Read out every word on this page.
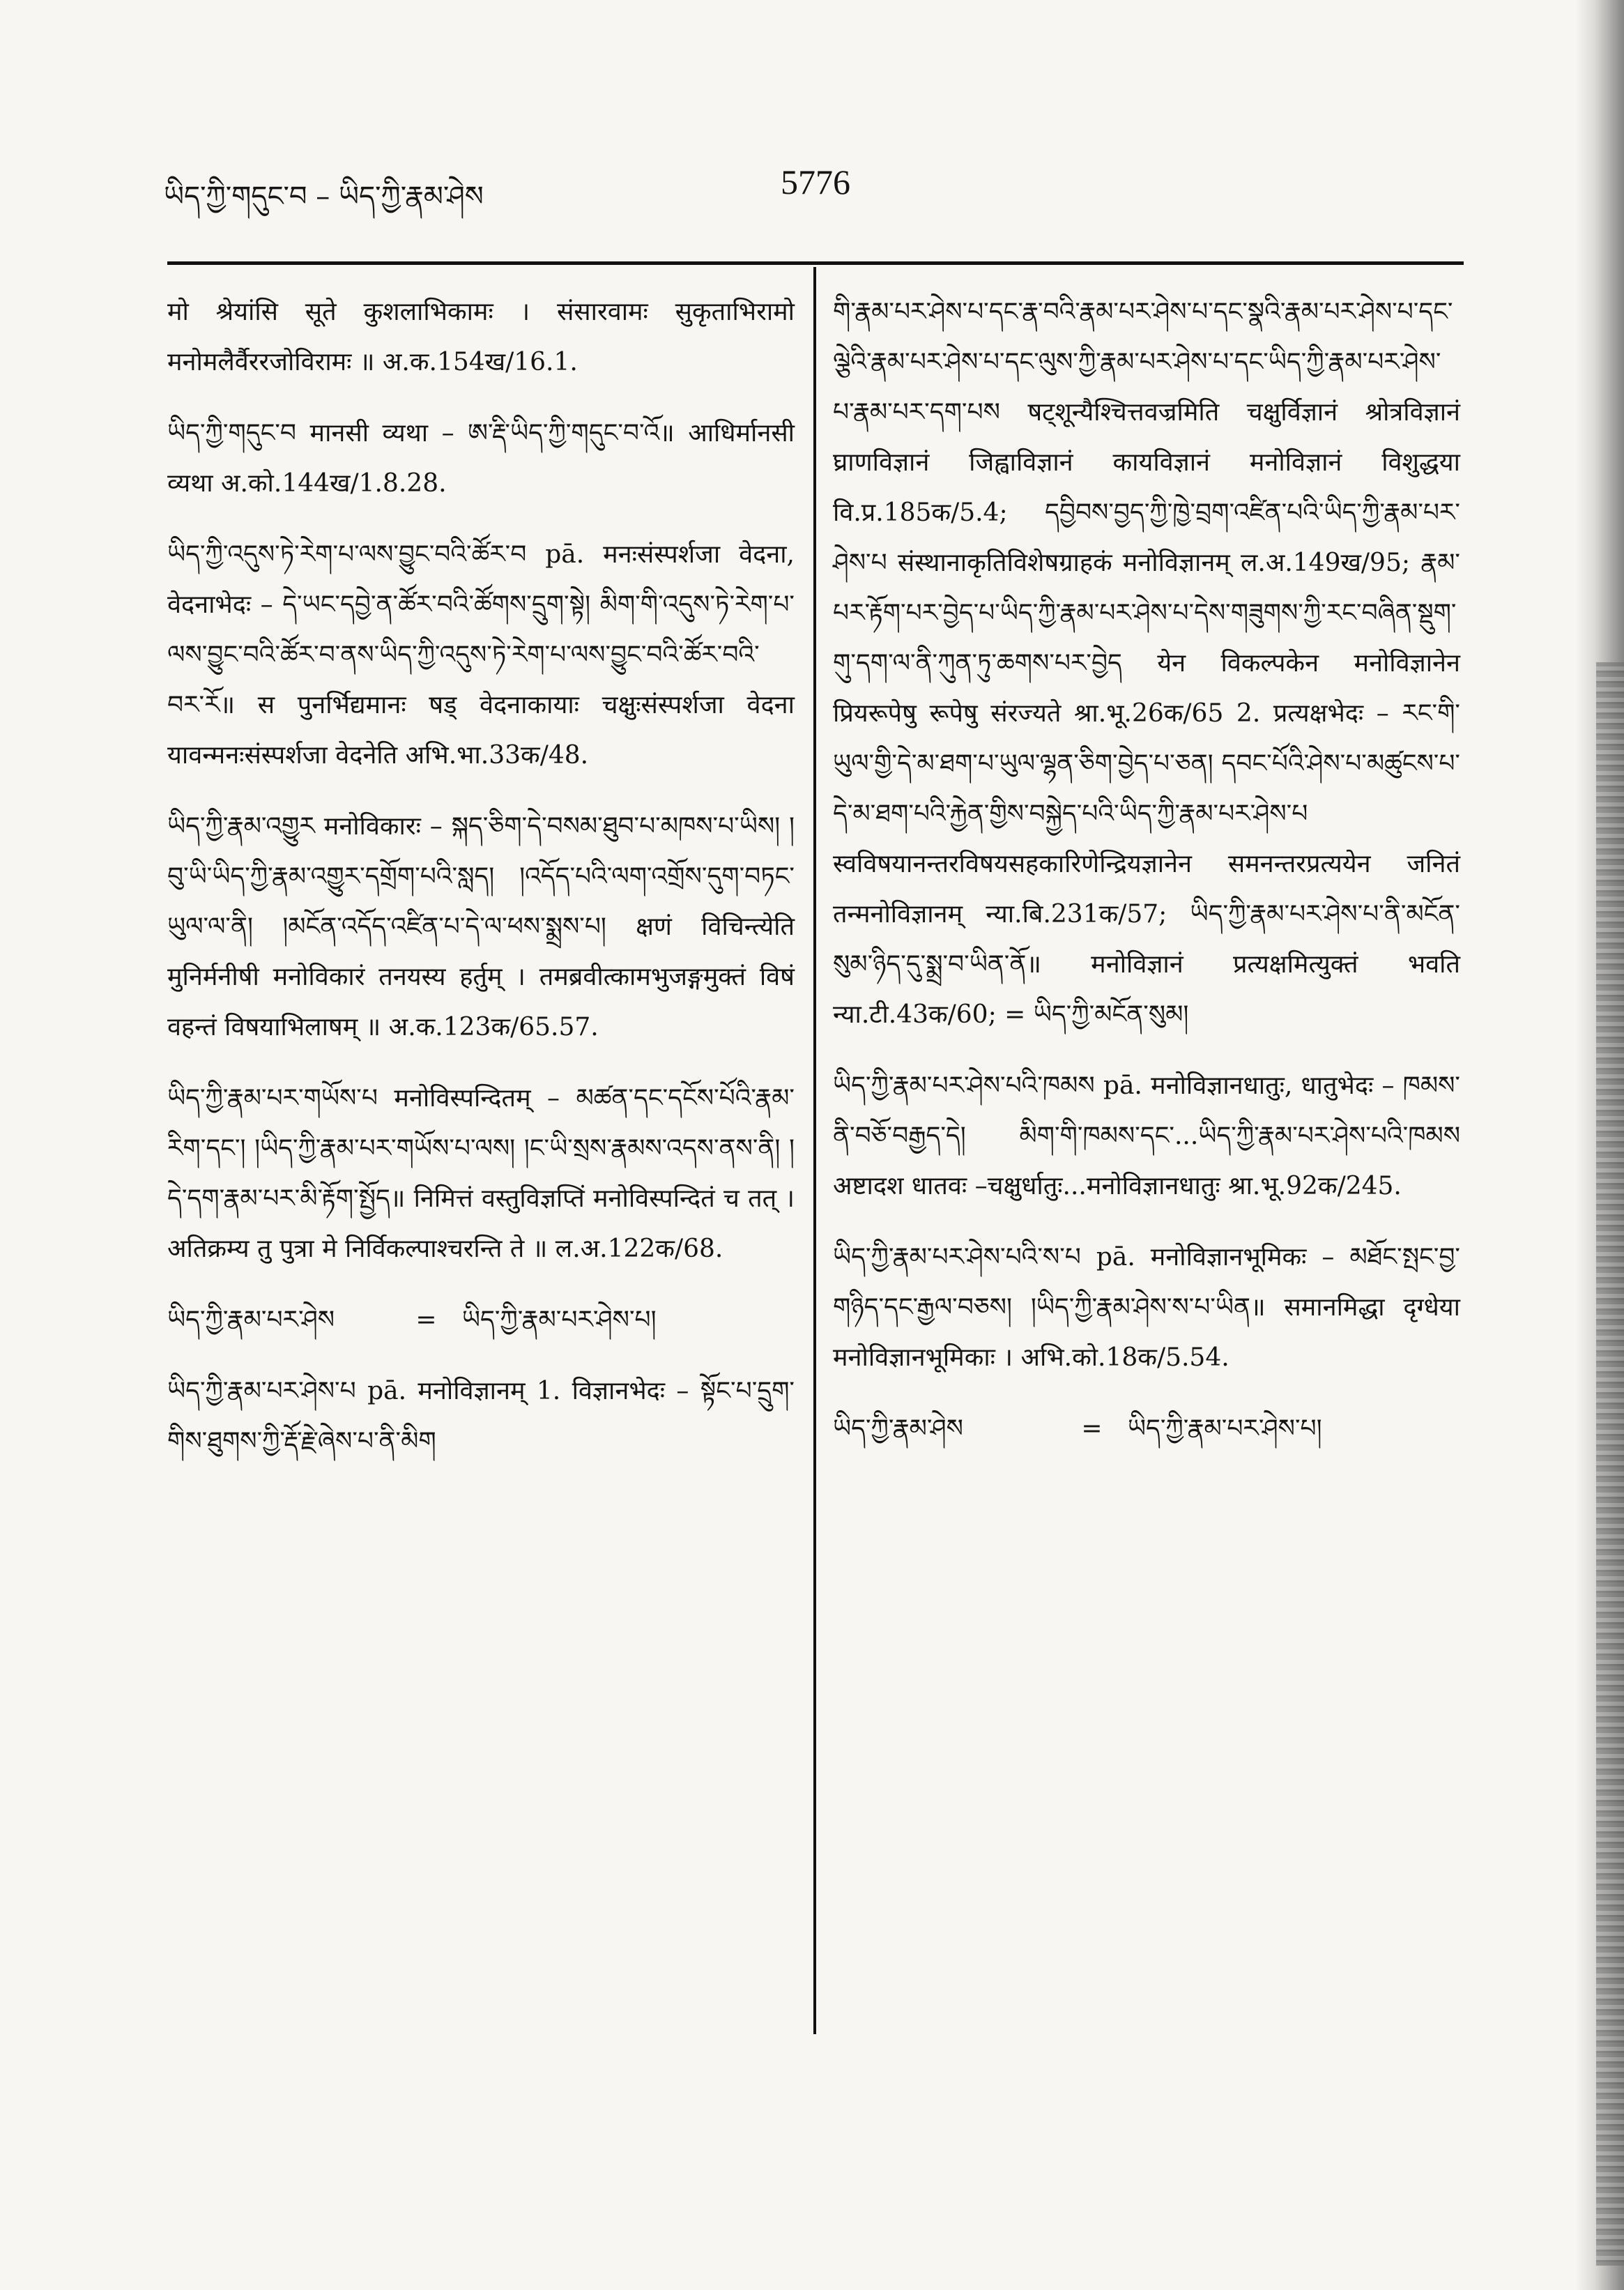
ཡིད་ཀྱི་གདུང་བ – ཡིད་ཀྱི་རྣམ་ཤེས	5776
मो श्रेयांसि सूते कुशलाभिकामः । संसारवामः सुकृताभिरामो मनोमलैर्वैररजोविरामः ॥ अ.क.154ख/16.1.
ཡིད་ཀྱི་གདུང་བ मानसी व्यथा – ཨ་རྡི་ཡིད་ཀྱི་གདུང་བ་འོ॥ आधिर्मानसी व्यथा अ.को.144ख/1.8.28.
ཡིད་ཀྱི་འདུས་ཏེ་རེག་པ་ལས་བྱུང་བའི་ཚོར་བ pā. मनःसंस्पर्शजा वेदना, वेदनाभेदः – དེ་ཡང་དབྱེ་ན་ཚོར་བའི་ཚོགས་དྲུག་སྟེ། མིག་གི་འདུས་ཏེ་རེག་པ་ལས་བྱུང་བའི་ཚོར་བ་ནས་ཡིད་ཀྱི་འདུས་ཏེ་རེག་པ་ལས་བྱུང་བའི་ཚོར་བའི་བར་རོ॥ स पुनर्भिद्यमानः षड् वेदनाकायाः चक्षुःसंस्पर्शजा वेदना यावन्मनःसंस्पर्शजा वेदनेति अभि.भा.33क/48.
ཡིད་ཀྱི་རྣམ་འགྱུར मनोविकारः – སྐད་ཅིག་དེ་བསམ་ཐུབ་པ་མཁས་པ་ཡིས། །བུ་ཡི་ཡིད་ཀྱི་རྣམ་འགྱུར་དགྲོག་པའི་སླད། །འདོད་པའི་ལག་འགྲོས་དུག་བཏང་ཡུལ་ལ་ནི། །མངོན་འདོད་འཛིན་པ་དེ་ལ་ཕས་སྨྲས་པ། क्षणं विचिन्त्येति मुनिर्मनीषी मनोविकारं तनयस्य हर्तुम् । तमब्रवीत्कामभुजङ्गमुक्तं विषं वहन्तं विषयाभिलाषम् ॥ अ.क.123क/65.57.
ཡིད་ཀྱི་རྣམ་པར་གཡོས་པ मनोविस्पन्दितम् – མཚན་དང་དངོས་པོའི་རྣམ་རིག་དང་། །ཡིད་ཀྱི་རྣམ་པར་གཡོས་པ་ལས། །ང་ཡི་སྲས་རྣམས་འདས་ནས་ནི། །དེ་དག་རྣམ་པར་མི་རྟོག་སྤྱོད॥ निमित्तं वस्तुविज्ञप्तिं मनोविस्पन्दितं च तत् । अतिक्रम्य तु पुत्रा मे निर्विकल्पाश्चरन्ति ते ॥ ल.अ.122क/68.
ཡིད་ཀྱི་རྣམ་པར་ཤེས	= ཡིད་ཀྱི་རྣམ་པར་ཤེས་པ།
ཡིད་ཀྱི་རྣམ་པར་ཤེས་པ pā. मनोविज्ञानम् 1. विज्ञानभेदः – སྟོང་པ་དྲུག་གིས་ཐུགས་ཀྱི་རྡོ་རྗེ་ཞེས་པ་ནི་མིག
གི་རྣམ་པར་ཤེས་པ་དང་རྣ་བའི་རྣམ་པར་ཤེས་པ་དང་སྣའི་རྣམ་པར་ཤེས་པ་དང་ལྕེའི་རྣམ་པར་ཤེས་པ་དང་ལུས་ཀྱི་རྣམ་པར་ཤེས་པ་དང་ཡིད་ཀྱི་རྣམ་པར་ཤེས་པ་རྣམ་པར་དག་པས षट्शून्यैश्चित्तवज्रमिति चक्षुर्विज्ञानं श्रोत्रविज्ञानं घ्राणविज्ञानं जिह्वाविज्ञानं कायविज्ञानं मनोविज्ञानं विशुद्धया वि.प्र.185क/5.4; དབྱིབས་བྱད་ཀྱི་ཁྱེ་བྲག་འཛིན་པའི་ཡིད་ཀྱི་རྣམ་པར་ཤེས་པ संस्थानाकृतिविशेषग्राहकं मनोविज्ञानम् ल.अ.149ख/95; རྣམ་པར་རྟོག་པར་བྱེད་པ་ཡིད་ཀྱི་རྣམ་པར་ཤེས་པ་དེས་གཟུགས་ཀྱི་རང་བཞིན་སྡུག་གུ་དག་ལ་ནི་ཀུན་ཏུ་ཆགས་པར་བྱེད येन विकल्पकेन मनोविज्ञानेन प्रियरूपेषु रूपेषु संरज्यते श्रा.भू.26क/65 2. प्रत्यक्षभेदः – རང་གི་ཡུལ་གྱི་དེ་མ་ཐག་པ་ཡུལ་ལྷན་ཅིག་བྱེད་པ་ཅན། དབང་པོའི་ཤེས་པ་མཚུངས་པ་དེ་མ་ཐག་པའི་རྐྱེན་གྱིས་བསྐྱེད་པའི་ཡིད་ཀྱི་རྣམ་པར་ཤེས་པ स्वविषयानन्तरविषयसहकारिणेन्द्रियज्ञानेन समनन्तरप्रत्ययेन जनितं तन्मनोविज्ञानम् न्या.बि.231क/57; ཡིད་ཀྱི་རྣམ་པར་ཤེས་པ་ནི་མངོན་སུམ་ཉིད་དུ་སྨྲ་བ་ཡིན་ནོ॥ मनोविज्ञानं प्रत्यक्षमित्युक्तं भवति न्या.टी.43क/60; = ཡིད་ཀྱི་མངོན་སུམ།
ཡིད་ཀྱི་རྣམ་པར་ཤེས་པའི་ཁམས pā. मनोविज्ञानधातुः, धातुभेदः – ཁམས་ནི་བཅོ་བརྒྱད་དེ། མིག་གི་ཁམས་དང་...ཡིད་ཀྱི་རྣམ་པར་ཤེས་པའི་ཁམས अष्टादश धातवः –चक्षुर्धातुः...मनोविज्ञानधातुः श्रा.भू.92क/245.
ཡིད་ཀྱི་རྣམ་པར་ཤེས་པའི་ས་པ pā. मनोविज्ञानभूमिकः – མཐོང་སྤང་བྱ་གཉིད་དང་རྒྱལ་བཅས། །ཡིད་ཀྱི་རྣམ་ཤེས་ས་པ་ཡིན॥ समानमिद्धा दृग्धेया मनोविज्ञानभूमिकाः । अभि.को.18क/5.54.
ཡིད་ཀྱི་རྣམ་ཤེས	= ཡིད་ཀྱི་རྣམ་པར་ཤེས་པ།
